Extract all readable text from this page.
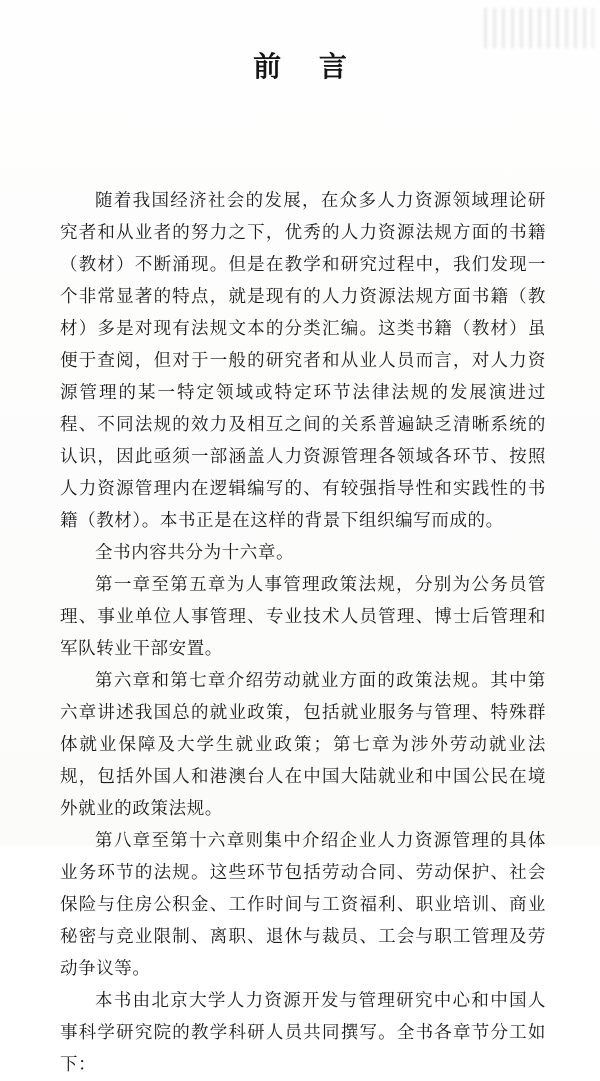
前 言

随着我国经济社会的发展，在众多人力资源领域理论研究者和从业者的努力之下，优秀的人力资源法规方面的书籍（教材）不断涌现。但是在教学和研究过程中，我们发现一个非常显著的特点，就是现有的人力资源法规方面书籍（教材）多是对现有法规文本的分类汇编。这类书籍（教材）虽便于查阅，但对于一般的研究者和从业人员而言，对人力资源管理的某一特定领域或特定环节法律法规的发展演进过程、不同法规的效力及相互之间的关系普遍缺乏清晰系统的认识，因此亟须一部涵盖人力资源管理各领域各环节、按照人力资源管理内在逻辑编写的、有较强指导性和实践性的书籍（教材）。本书正是在这样的背景下组织编写而成的。

全书内容共分为十六章。

第一章至第五章为人事管理政策法规，分别为公务员管理、事业单位人事管理、专业技术人员管理、博士后管理和军队转业干部安置。

第六章和第七章介绍劳动就业方面的政策法规。其中第六章讲述我国总的就业政策，包括就业服务与管理、特殊群体就业保障及大学生就业政策；第七章为涉外劳动就业法规，包括外国人和港澳台人在中国大陆就业和中国公民在境外就业的政策法规。

第八章至第十六章则集中介绍企业人力资源管理的具体业务环节的法规。这些环节包括劳动合同、劳动保护、社会保险与住房公积金、工作时间与工资福利、职业培训、商业秘密与竞业限制、离职、退休与裁员、工会与职工管理及劳动争议等。

本书由北京大学人力资源开发与管理研究中心和中国人事科学研究院的教学科研人员共同撰写。全书各章节分工如下：
